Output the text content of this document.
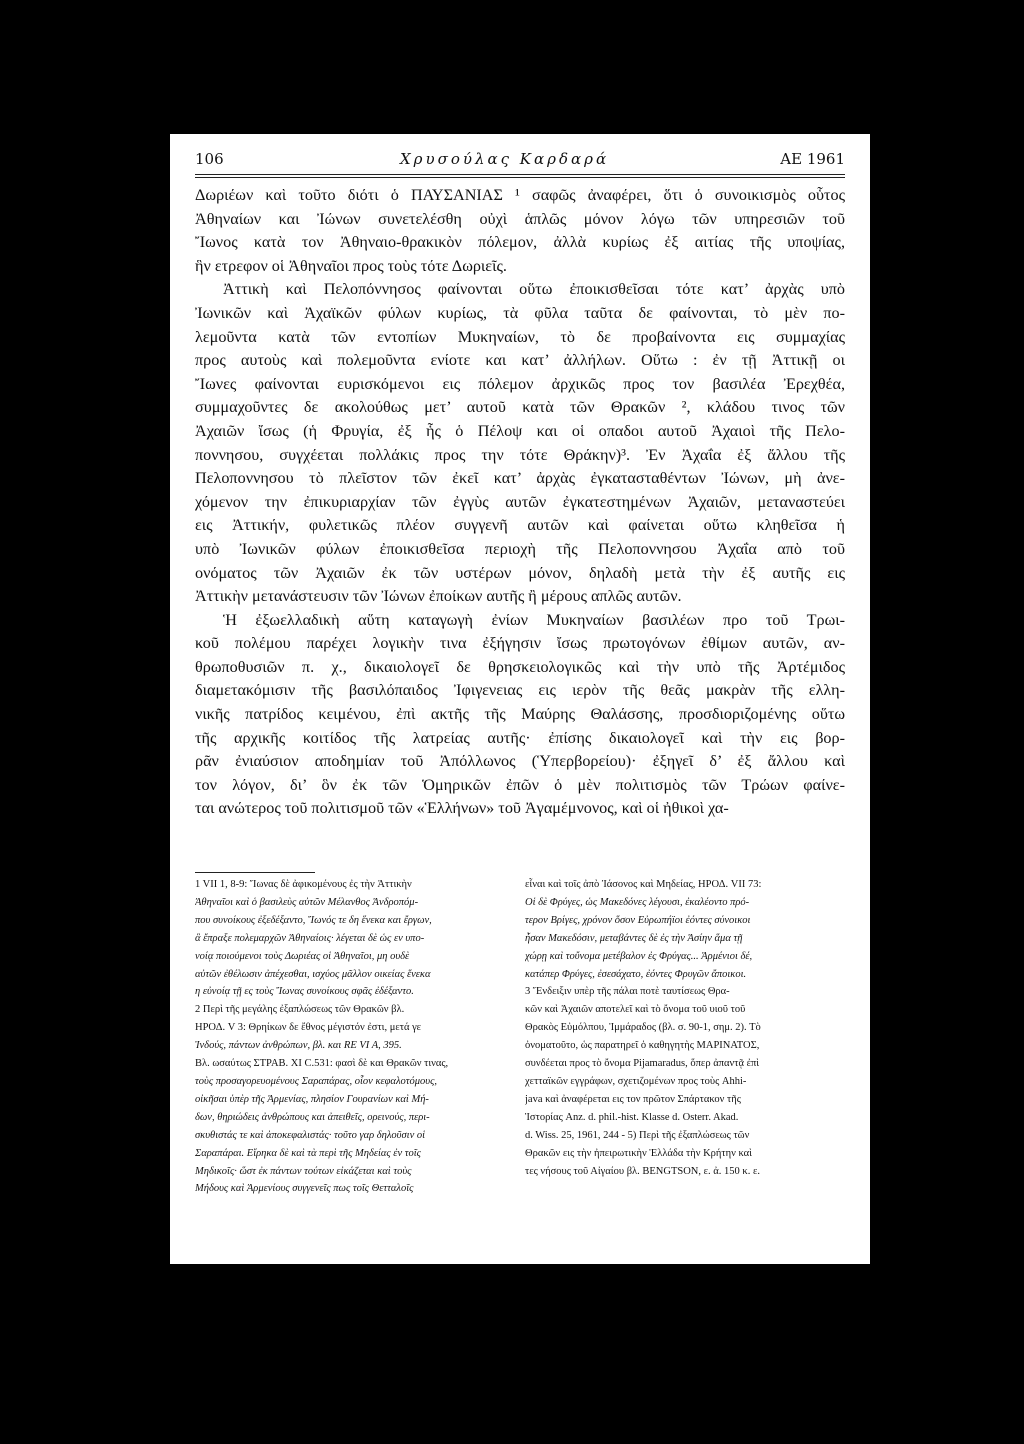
106	Χρυσούλας Καρδαρά	ΑΕ 1961
Δωριέων καὶ τοῦτο διότι ὁ ΠΑΥΣΑΝΙΑΣ ¹ σαφῶς ἀναφέρει, ὅτι ὁ συνοικισμὸς οὗτος
Ἀθηναίων και Ἰώνων συνετελέσθη οὐχὶ ἁπλῶς μόνον λόγω τῶν υπηρεσιῶν τοῦ
Ἴωνος κατὰ τον Ἀθηναιο-θρακικὸν πόλεμον, ἀλλὰ κυρίως ἐξ αιτίας τῆς υποψίας,
ἣν ετρεφον οἱ Ἀθηναῖοι προς τοὺς τότε Δωριεῖς.
Ἀττικὴ καὶ Πελοπόννησος φαίνονται οὕτω ἐποικισθεῖσαι τότε κατ’ ἀρχὰς υπὸ
Ἰωνικῶν καὶ Ἀχαϊκῶν φύλων κυρίως, τὰ φῦλα ταῦτα δε φαίνονται, τὸ μὲν πο-
λεμοῦντα κατὰ τῶν εντοπίων Μυκηναίων, τὸ δε προβαίνοντα εις συμμαχίας
προς αυτοὺς καὶ πολεμοῦντα ενίοτε και κατ’ ἀλλήλων. Οὕτω : ἐν τῇ Ἀττικῇ οι
Ἴωνες φαίνονται ευρισκόμενοι εις πόλεμον ἀρχικῶς προς τον βασιλέα Ἐρεχθέα,
συμμαχοῦντες δε ακολούθως μετ’ αυτοῦ κατὰ τῶν Θρακῶν ², κλάδου τινος τῶν
Ἀχαιῶν ἴσως (ἡ Φρυγία, ἐξ ἧς ὁ Πέλοψ και οἱ οπαδοι αυτοῦ Ἀχαιοὶ τῆς Πελο-
ποννησου, συγχέεται πολλάκις προς την τότε Θράκην)³. Ἐν Ἀχαΐα ἐξ ἄλλου τῆς
Πελοποννησου τὸ πλεῖστον τῶν ἐκεῖ κατ’ ἀρχὰς ἐγκατασταθέντων Ἰώνων, μὴ ἀνε-
χόμενον την ἐπικυριαρχίαν τῶν ἐγγὺς αυτῶν ἐγκατεστημένων Ἀχαιῶν, μεταναστεύει
εις Ἀττικήν, φυλετικῶς πλέον συγγενῆ αυτῶν καὶ φαίνεται οὕτω κληθεῖσα ἡ
υπὸ Ἰωνικῶν φύλων ἐποικισθεῖσα περιοχὴ τῆς Πελοποννησου Ἀχαΐα απὸ τοῦ
ονόματος τῶν Ἀχαιῶν ἐκ τῶν υστέρων μόνον, δηλαδὴ μετὰ τὴν ἐξ αυτῆς εις
Ἀττικὴν μετανάστευσιν τῶν Ἰώνων ἐποίκων αυτῆς ἢ μέρους απλῶς αυτῶν.
Ἡ ἐξωελλαδικὴ αὕτη καταγωγὴ ἐνίων Μυκηναίων βασιλέων προ τοῦ Τρωι-
κοῦ πολέμου παρέχει λογικὴν τινα ἐξήγησιν ἴσως πρωτογόνων ἐθίμων αυτῶν, αν-
θρωποθυσιῶν π. χ., δικαιολογεῖ δε θρησκειολογικῶς καὶ τὴν υπὸ τῆς Ἀρτέμιδος
διαμετακόμισιν τῆς βασιλόπαιδος Ἰφιγενειας εις ιερὸν τῆς θεᾶς μακρὰν τῆς ελλη-
νικῆς πατρίδος κειμένου, ἐπὶ ακτῆς τῆς Μαύρης Θαλάσσης, προσδιοριζομένης οὕτω
τῆς αρχικῆς κοιτίδος τῆς λατρείας αυτῆς· ἐπίσης δικαιολογεῖ καὶ τὴν εις βορ-
ρᾶν ἐνιαύσιον αποδημίαν τοῦ Ἀπόλλωνος (Ὑπερβορείου)· ἐξηγεῖ δ’ ἐξ ἄλλου καὶ
τον λόγον, δι’ ὃν ἐκ τῶν Ὁμηρικῶν ἐπῶν ὁ μὲν πολιτισμὸς τῶν Τρώων φαίνε-
ται ανώτερος τοῦ πολιτισμοῦ τῶν «Ἑλλήνων» τοῦ Ἀγαμέμνονος, καὶ οἱ ἠθικοὶ χα-
1 VII 1, 8-9: Ἴωνας δὲ ἀφικομένους ἐς τὴν Ἀττικὴν
Ἀθηναῖοι καὶ ὁ βασιλεὺς αὐτῶν Μέλανθος Ἀνδροπόμ-
που συνοίκους ἐξεδέξαντο, Ἴωνός τε δη ἕνεκα και ἔργων,
ἃ ἔπραξε πολεμαρχῶν Ἀθηναίοις· λέγεται δὲ ὡς εν υπο-
νοίᾳ ποιούμενοι τοὺς Δωριέας οἱ Ἀθηναῖοι, μη ουδὲ
αὐτῶν ἐθέλωσιν ἀπέχεσθαι, ισχύος μᾶλλον οικείας ἕνεκα
η εὐνοίᾳ τῇ ες τοὺς Ἴωνας συνοίκους σφᾶς ἐδέξαντο.
2 Περὶ τῆς μεγάλης ἐξαπλώσεως τῶν Θρακῶν βλ.
ΗΡΟΔ. V 3: Θρηίκων δε ἔθνος μέγιστόν ἐστι, μετά γε
Ἰνδούς, πάντων ἀνθρώπων, βλ. και RE VI A, 395.
Βλ. ωσαύτως ΣΤΡΑΒ. XI C.531: φασὶ δὲ και Θρακῶν τινας,
τοὺς προσαγορευομένους Σαραπάρας, οἷον κεφαλοτόμους,
οἰκῆσαι ὑπὲρ τῆς Ἀρμενίας, πλησίον Γουρανίων καὶ Μή-
δων, θηριώδεις ἀνθρώπους και ἀπειθεῖς, ορεινούς, περι-
σκυθιστάς τε καὶ ἀποκεφαλιστάς· τοῦτο γαρ δηλοῦσιν οἱ
Σαραπάραι. Εἴρηκα δὲ καὶ τὰ περὶ τῆς Μηδείας ἐν τοῖς
Μηδικοῖς· ὥστ ἐκ πάντων τούτων εἰκάζεται καὶ τοὺς
Μήδους καὶ Ἀρμενίους συγγενεῖς πως τοῖς Θετταλοῖς
εἶναι καὶ τοῖς ἀπὸ Ἰάσονος καὶ Μηδείας, ΗΡΟΔ. VII 73:
Οἱ δὲ Φρύγες, ὡς Μακεδόνες λέγουσι, ἐκαλέοντο πρό-
τερον Βρίγες, χρόνον ὅσον Εὐρωπήϊοι ἐόντες σύνοικοι
ἦσαν Μακεδόσιν, μεταβάντες δὲ ἐς τὴν Ἀσίην ἅμα τῇ
χώρῃ καὶ τοὔνομα μετέβαλον ἐς Φρύγας... Ἀρμένιοι δέ,
κατάπερ Φρύγες, ἐσεσάχατο, ἐόντες Φρυγῶν ἄποικοι.
3 Ἔνδειξιν υπὲρ τῆς πάλαι ποτὲ ταυτίσεως Θρα-
κῶν καὶ Ἀχαιῶν αποτελεῖ καὶ τὸ ὄνομα τοῦ υιοῦ τοῦ
Θρακὸς Εὐμόλπου, Ἰμμάραδος (βλ. σ. 90-1, σημ. 2). Τὸ
ὀνοματοῦτο, ὡς παρατηρεῖ ὁ καθηγητὴς ΜΑΡΙΝΑΤΟΣ,
συνδέεται προς τὸ ὄνομα Pijamaradus, ὅπερ ἀπαντᾷ ἐπὶ
χετταϊκῶν εγγράφων, σχετιζομένων προς τοὺς Ahhi-
java καὶ ἀναφέρεται εις τον πρῶτον Σπάρτακον τῆς
Ἱστορίας Anz. d. phil.-hist. Klasse d. Osterr. Akad.
d. Wiss. 25, 1961, 244 - 5) Περὶ τῆς ἐξαπλώσεως τῶν
Θρακῶν εις τὴν ἠπειρωτικὴν Ἑλλάδα τὴν Κρήτην καὶ
τες νήσους τοῦ Αἰγαίου βλ. BENGTSON, ε. ἀ. 150 κ. ε.
